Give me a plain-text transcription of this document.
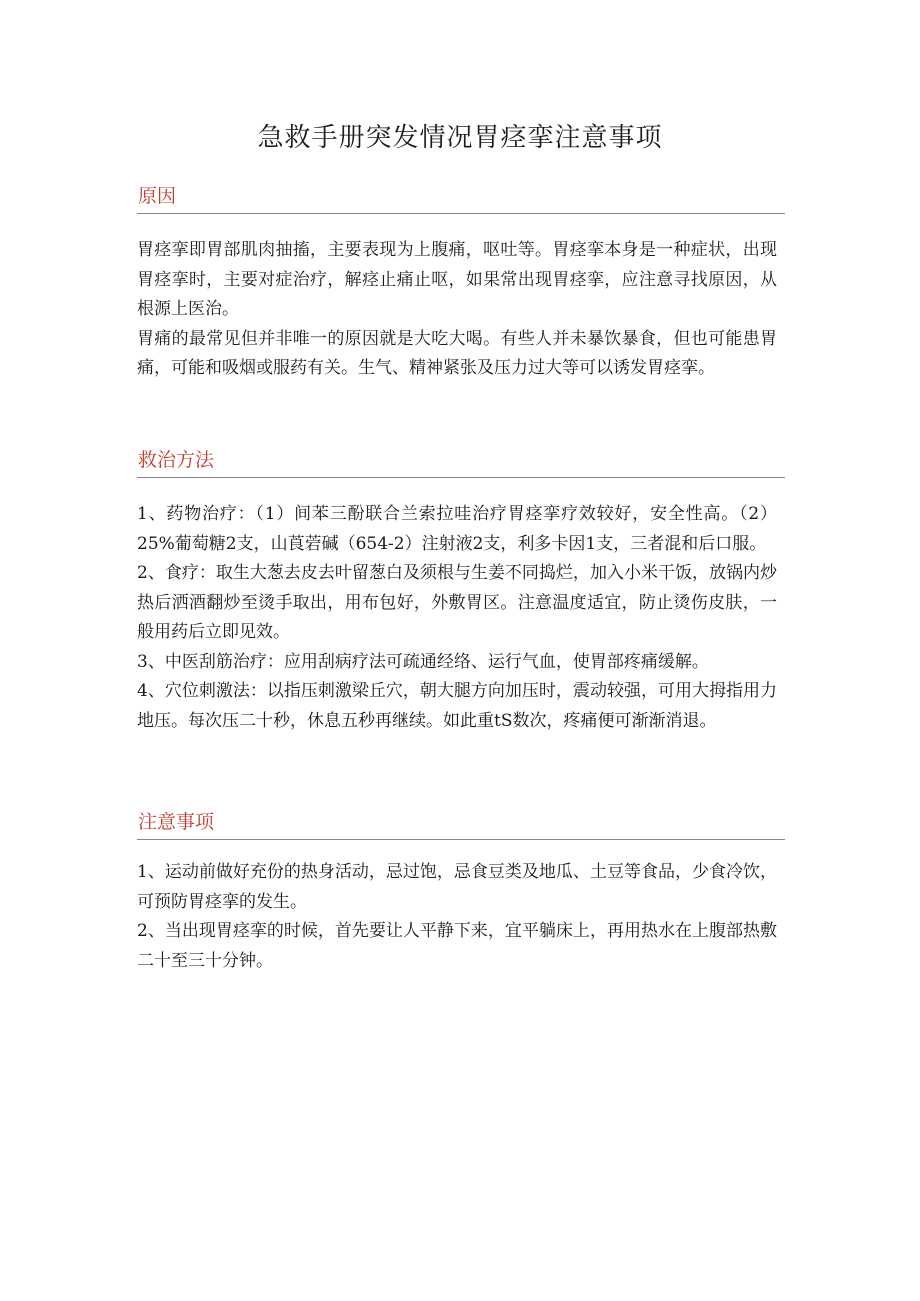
急救手册突发情况胃痉挛注意事项
原因

胃痉挛即胃部肌肉抽搐，主要表现为上腹痛，呕吐等。胃痉挛本身是一种症状，出现胃痉挛时，主要对症治疗，解痉止痛止呕，如果常出现胃痉挛，应注意寻找原因，从根源上医治。

胃痛的最常见但并非唯一的原因就是大吃大喝。有些人并未暴饮暴食，但也可能患胃痛，可能和吸烟或服药有关。生气、精神紧张及压力过大等可以诱发胃痉挛。

救治方法

1、药物治疗：（1）间苯三酚联合兰索拉哇治疗胃痉挛疗效较好，安全性高。（2）25%葡萄糖2支，山莨菪碱（654-2）注射液2支，利多卡因1支，三者混和后口服。

2、食疗：取生大葱去皮去叶留葱白及须根与生姜不同捣烂，加入小米干饭，放锅内炒热后洒酒翻炒至烫手取出，用布包好，外敷胃区。注意温度适宜，防止烫伤皮肤，一般用药后立即见效。

3、中医刮筋治疗：应用刮病疗法可疏通经络、运行气血，使胃部疼痛缓解。

4、穴位刺激法：以指压刺激梁丘穴，朝大腿方向加压时，震动较强，可用大拇指用力地压。每次压二十秒，休息五秒再继续。如此重tS数次，疼痛便可渐渐消退。

注意事项

1、运动前做好充份的热身活动，忌过饱，忌食豆类及地瓜、土豆等食品，少食冷饮，可预防胃痉挛的发生。

2、当出现胃痉挛的时候，首先要让人平静下来，宜平躺床上，再用热水在上腹部热敷二十至三十分钟。
